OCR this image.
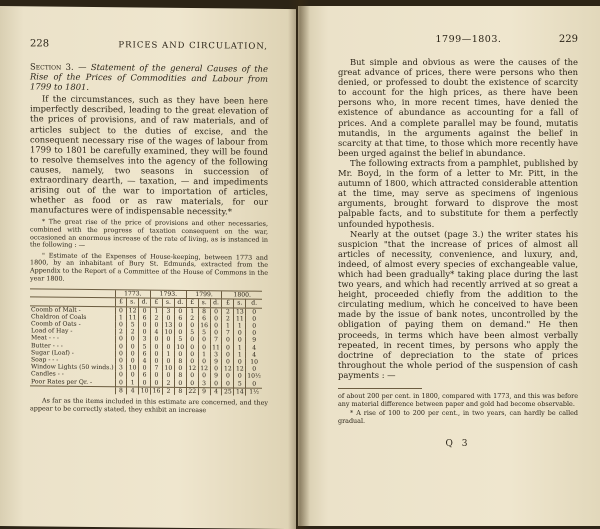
228	PRICES AND CIRCULATION,

Section 3. — Statement of the general Causes of the Rise of the Prices of Commodities and Labour from 1799 to 1801.

If the circumstances, such as they have been here imperfectly described, leading to the great elevation of the prices of provisions, and of raw materials, and of articles subject to the duties of excise, and the consequent necessary rise of the wages of labour from 1799 to 1801 be carefully examined, they will be found to resolve themselves into the agency of the following causes, namely, two seasons in succession of extraordinary dearth, — taxation, — and impediments arising out of the war to importation of articles, whether as food or as raw materials, for our manufactures were of indispensable necessity.*

* The great rise of the price of provisions and other necessaries, combined with the progress of taxation consequent on the war, occasioned an enormous increase of the rate of living, as is instanced in the following : —

" Estimate of the Expenses of House-keeping, between 1773 and 1800, by an inhabitant of Bury St. Edmunds, extracted from the Appendix to the Report of a Committee of the House of Commons in the year 1800.

	1773.			1793.			1799.			1800.		
	£	s.	d.	£	s.	d.	£	s.	d.	£	s.	d.
Coomb of Malt -	0	12	0	1	3	0	1	8	0	2	13	0
Chaldron of Coals	1	11	6	2	0	6	2	6	0	2	11	0
Coomb of Oats -	0	5	0	0	13	0	0	16	0	1	1	0
Load of Hay -	2	2	0	4	10	0	5	5	0	7	0	0
Meat - - -	0	0	3	0	0	5	0	0	7	0	0	9
Butter - - -	0	0	5	0	0	10	0	0	11	0	1	4
Sugar (Loaf) -	0	0	6	0	1	0	0	1	3	0	1	4
Soap - - -	0	0	4	0	0	8	0	0	9	0	0	10
Window Lights (50 winds.)	3	10	0	7	10	0	12	12	0	12	12	0
Candles - -	0	0	6	0	0	8	0	0	9	0	0	10½
Poor Rates per Qr. -	0	1	0	0	2	0	0	3	0	0	5	0
	8	4	10	16	2	8	22	9	4	25	14	1½

As far as the items included in this estimate are concerned, and they appear to be correctly stated, they exhibit an increase

1799—1803.	229

But simple and obvious as were the causes of the great advance of prices, there were persons who then denied, or professed to doubt the existence of scarcity to account for the high prices, as there have been persons who, in more recent times, have denied the existence of abundance as accounting for a fall of prices. And a complete parallel may be found, mutatis mutandis, in the arguments against the belief in scarcity at that time, to those which more recently have been urged against the belief in abundance.

The following extracts from a pamphlet, published by Mr. Boyd, in the form of a letter to Mr. Pitt, in the autumn of 1800, which attracted considerable attention at the time, may serve as specimens of ingenious arguments, brought forward to disprove the most palpable facts, and to substitute for them a perfectly unfounded hypothesis.

Nearly at the outset (page 3.) the writer states his suspicion "that the increase of prices of almost all articles of necessity, convenience, and luxury, and, indeed, of almost every species of exchangeable value, which had been gradually* taking place during the last two years, and which had recently arrived at so great a height, proceeded chiefly from the addition to the circulating medium, which he conceived to have been made by the issue of bank notes, uncontrolled by the obligation of paying them on demand." He then proceeds, in terms which have been almost verbally repeated, in recent times, by persons who apply the doctrine of depreciation to the state of prices throughout the whole period of the suspension of cash payments : —

of about 200 per cent. in 1800, compared with 1773, and this was before any material difference between paper and gold had become observable.

* A rise of 100 to 200 per cent., in two years, can hardly be called gradual.

Q 3
